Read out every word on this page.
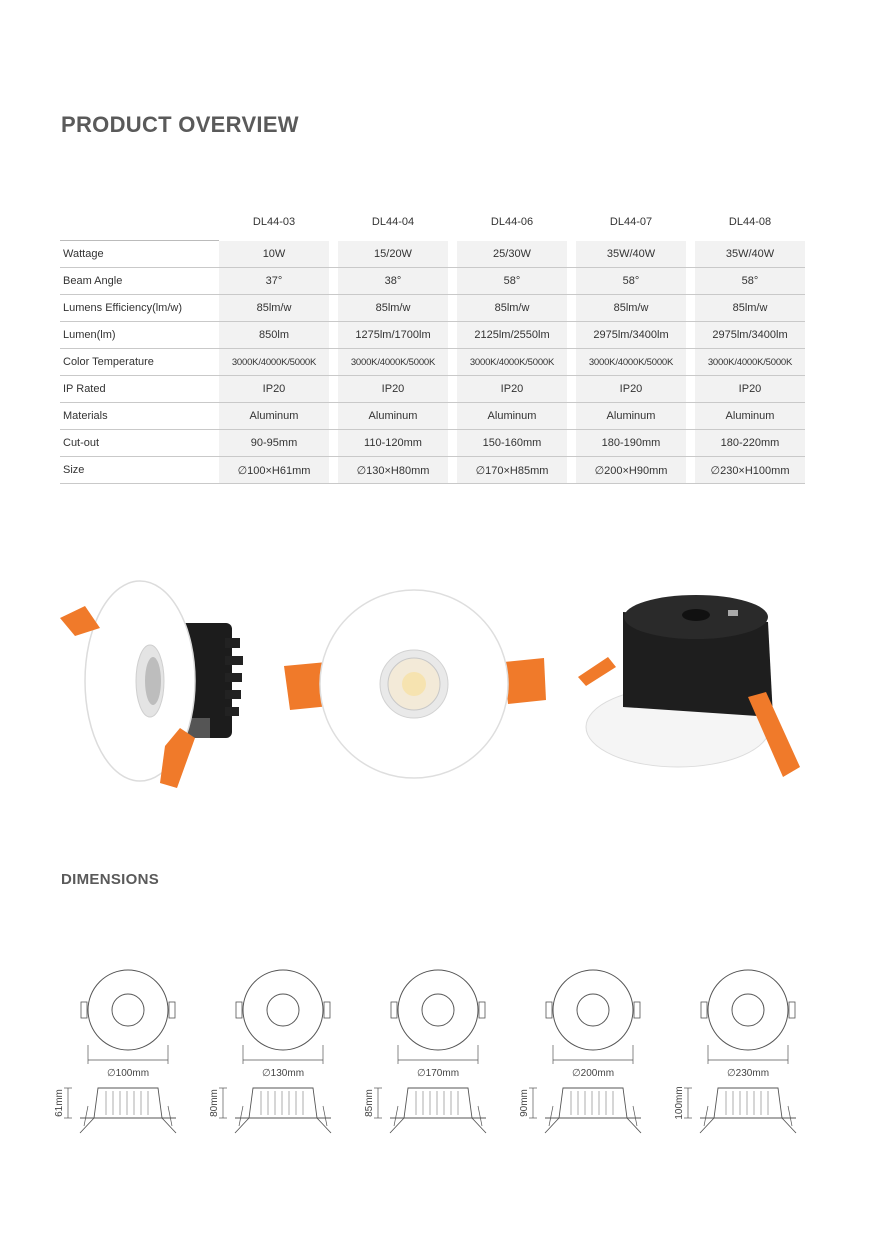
PRODUCT OVERVIEW
	DL44-03		DL44-04		DL44-06		DL44-07		DL44-08
Wattage	10W		15/20W		25/30W		35W/40W		35W/40W
Beam Angle	37°		38°		58°		58°		58°
Lumens Efficiency(lm/w)	85lm/w		85lm/w		85lm/w		85lm/w		85lm/w
Lumen(lm)	850lm		1275lm/1700lm		2125lm/2550lm		2975lm/3400lm		2975lm/3400lm
Color Temperature	3000K/4000K/5000K		3000K/4000K/5000K		3000K/4000K/5000K		3000K/4000K/5000K		3000K/4000K/5000K
IP Rated	IP20		IP20		IP20		IP20		IP20
Materials	Aluminum		Aluminum		Aluminum		Aluminum		Aluminum
Cut-out	90-95mm		110-120mm		150-160mm		180-190mm		180-220mm
Size	∅100×H61mm		∅130×H80mm		∅170×H85mm		∅200×H90mm		∅230×H100mm
DIMENSIONS
∅100mm
61mm
∅130mm
80mm
∅170mm
85mm
∅200mm
90mm
∅230mm
100mm
